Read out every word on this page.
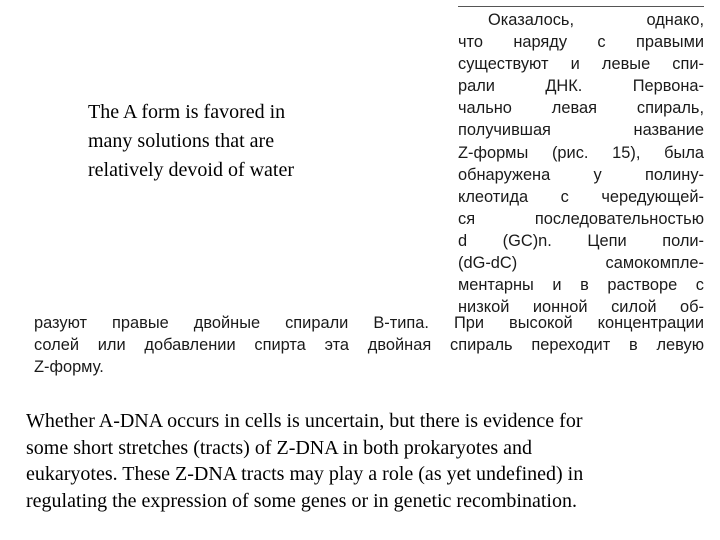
The A form is favored in
many solutions that are
relatively devoid of water
Оказалось, однако,
что наряду с правыми
существуют и левые спи-
рали ДНК. Первона-
чально левая спираль,
получившая название
Z-формы (рис. 15), была
обнаружена у полину-
клеотида с чередующей-
ся последовательностью
d (GC)n. Цепи поли-
(dG-dC) самокомпле-
ментарны и в растворе с
низкой ионной силой об-
разуют правые двойные спирали В-типа. При высокой концентрации
солей или добавлении спирта эта двойная спираль переходит в левую
Z-форму.
Whether A-DNA occurs in cells is uncertain, but there is evidence for
some short stretches (tracts) of Z-DNA in both prokaryotes and
eukaryotes. These Z-DNA tracts may play a role (as yet undefined) in
regulating the expression of some genes or in genetic recombination.
